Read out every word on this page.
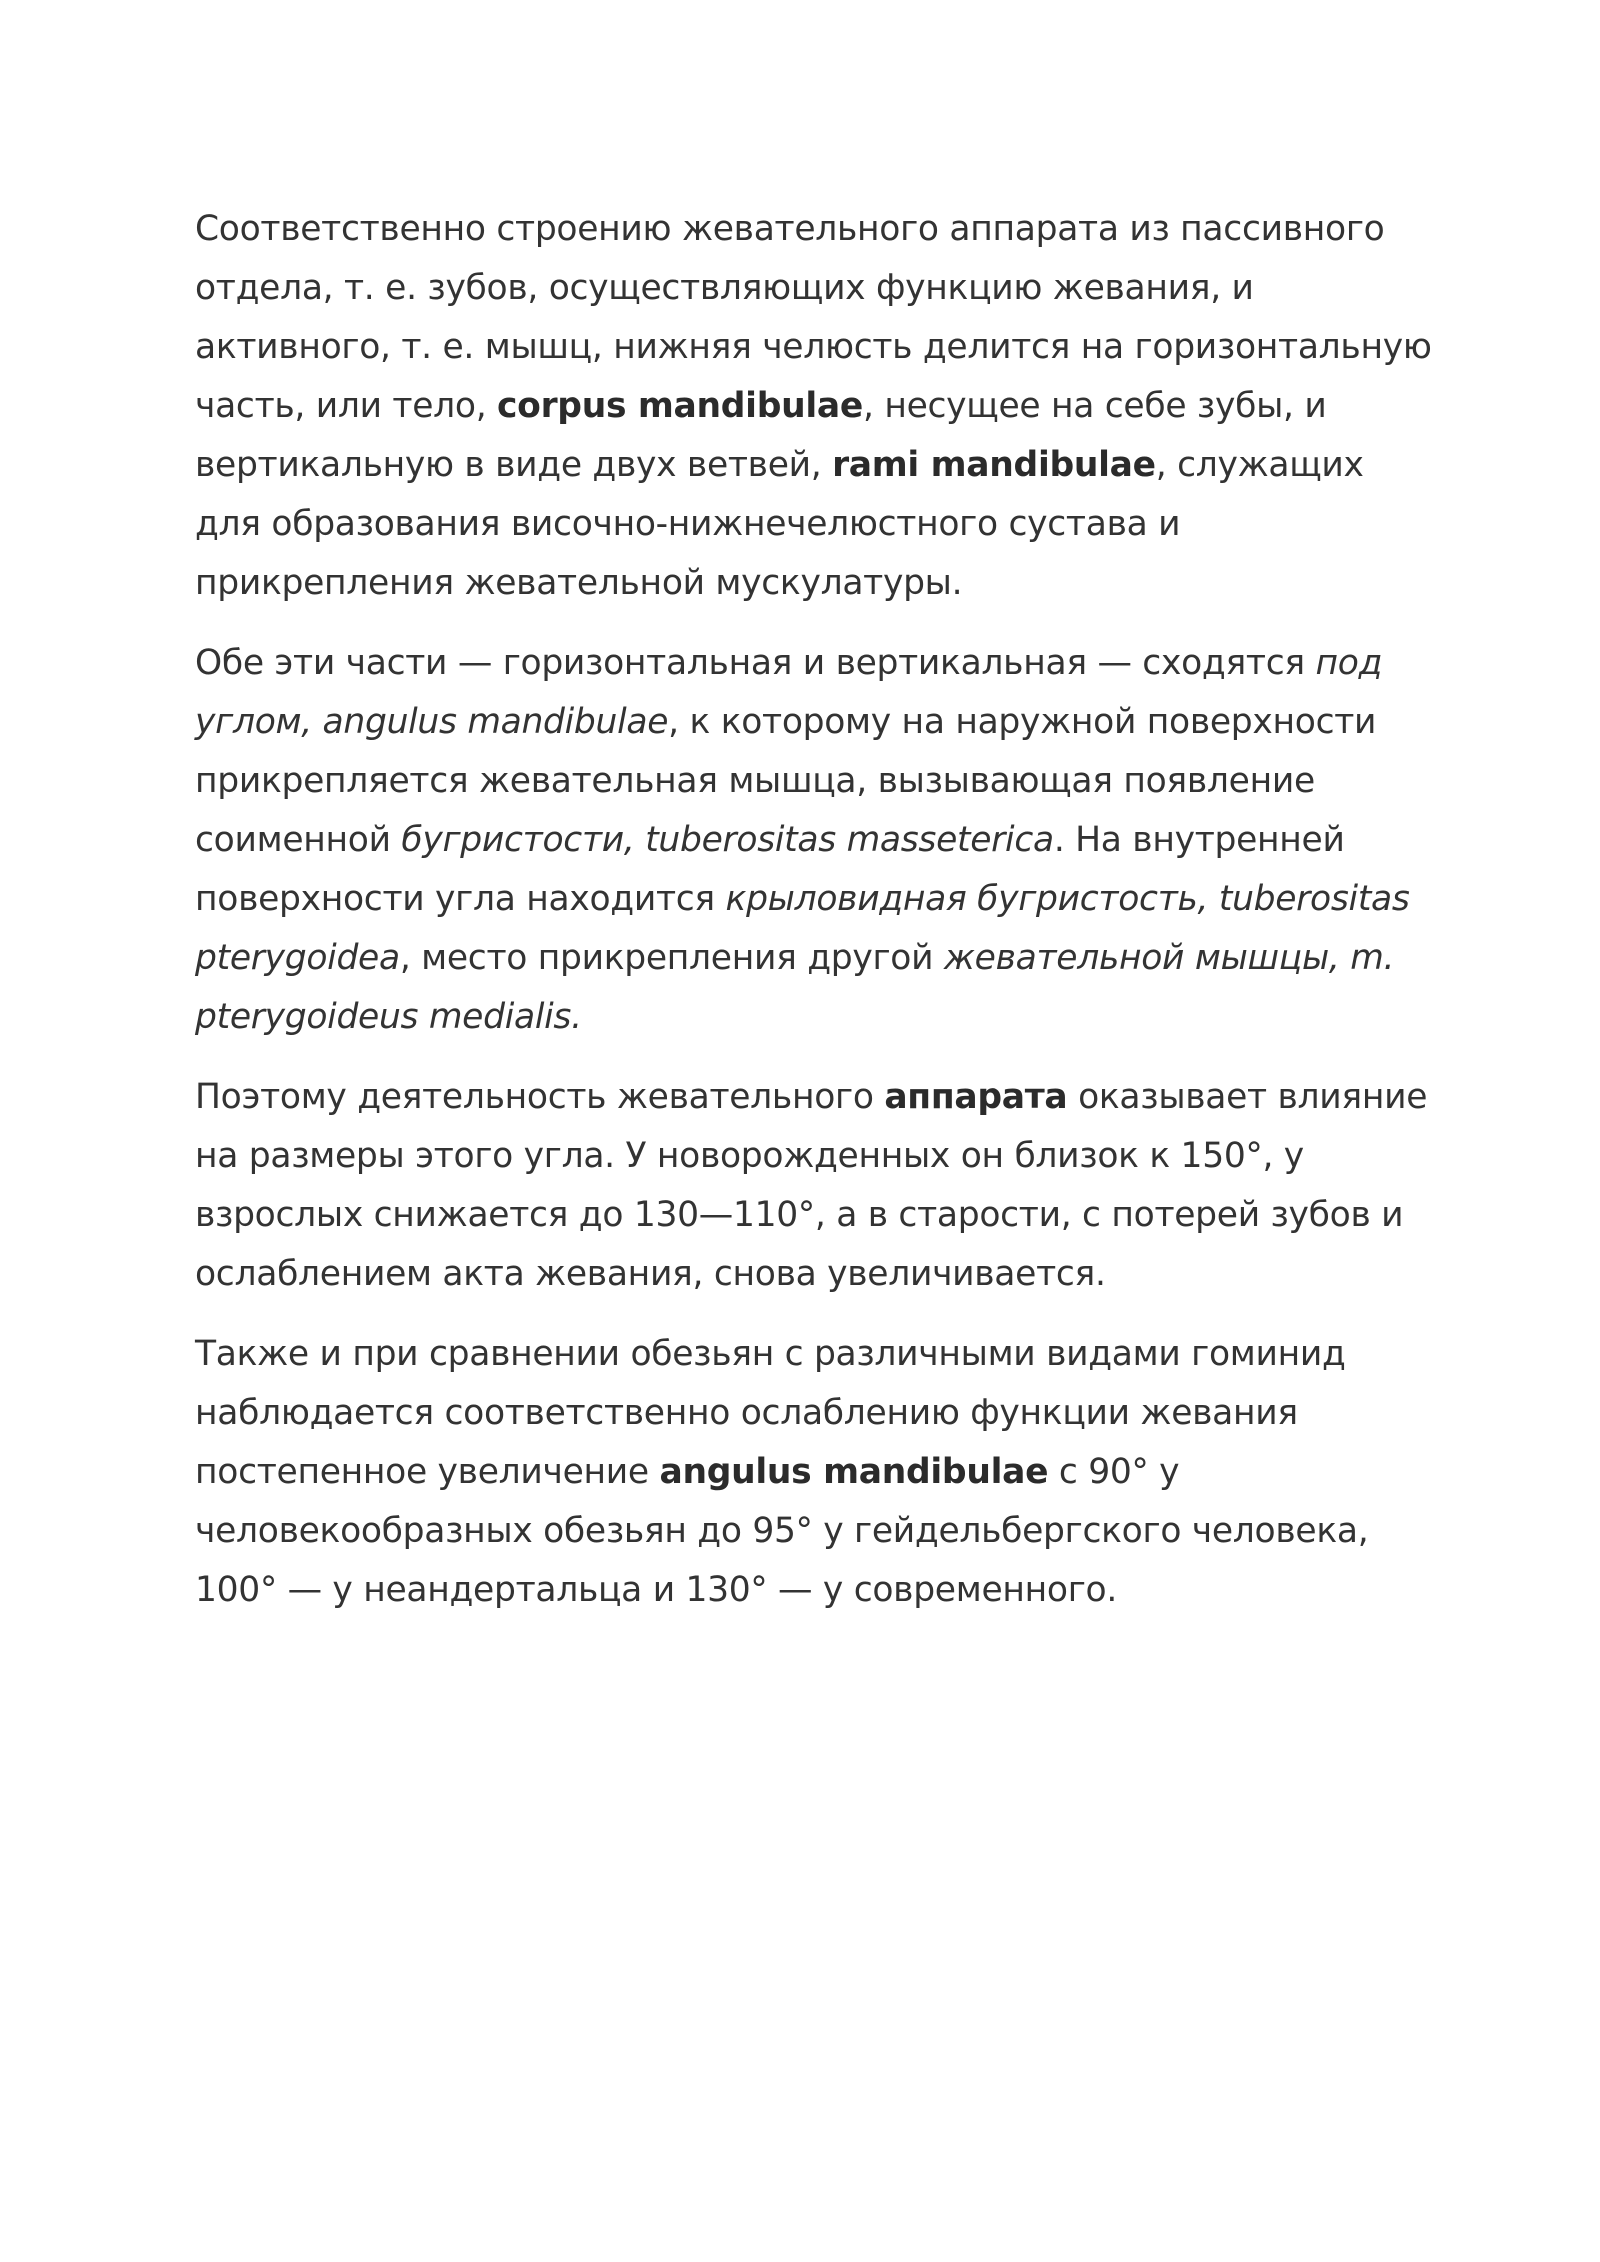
Соответственно строению жевательного аппарата из пассивного отдела, т. е. зубов, осуществляющих функцию жевания, и активного, т. е. мышц, нижняя челюсть делится на горизонтальную часть, или тело, corpus mandibulae, несущее на себе зубы, и вертикальную в виде двух ветвей, rami mandibulae, служащих для образования височно-нижнечелюстного сустава и прикрепления жевательной мускулатуры.

Обе эти части — горизонтальная и вертикальная — сходятся под углом, angulus mandibulae, к которому на наружной поверхности прикрепляется жевательная мышца, вызывающая появление соименной бугристости, tuberositas masseterica. На внутренней поверхности угла находится крыловидная бугристость, tuberositas pterygoidea, место прикрепления другой жевательной мышцы, m. pterygoideus medialis.

Поэтому деятельность жевательного аппарата оказывает влияние на размеры этого угла. У новорожденных он близок к 150°, у взрослых снижается до 130—110°, а в старости, с потерей зубов и ослаблением акта жевания, снова увеличивается.

Также и при сравнении обезьян с различными видами гоминид наблюдается соответственно ослаблению функции жевания постепенное увеличение angulus mandibulae с 90° у человекообразных обезьян до 95° у гейдельбергского человека, 100° — у неандертальца и 130° — у современного.
